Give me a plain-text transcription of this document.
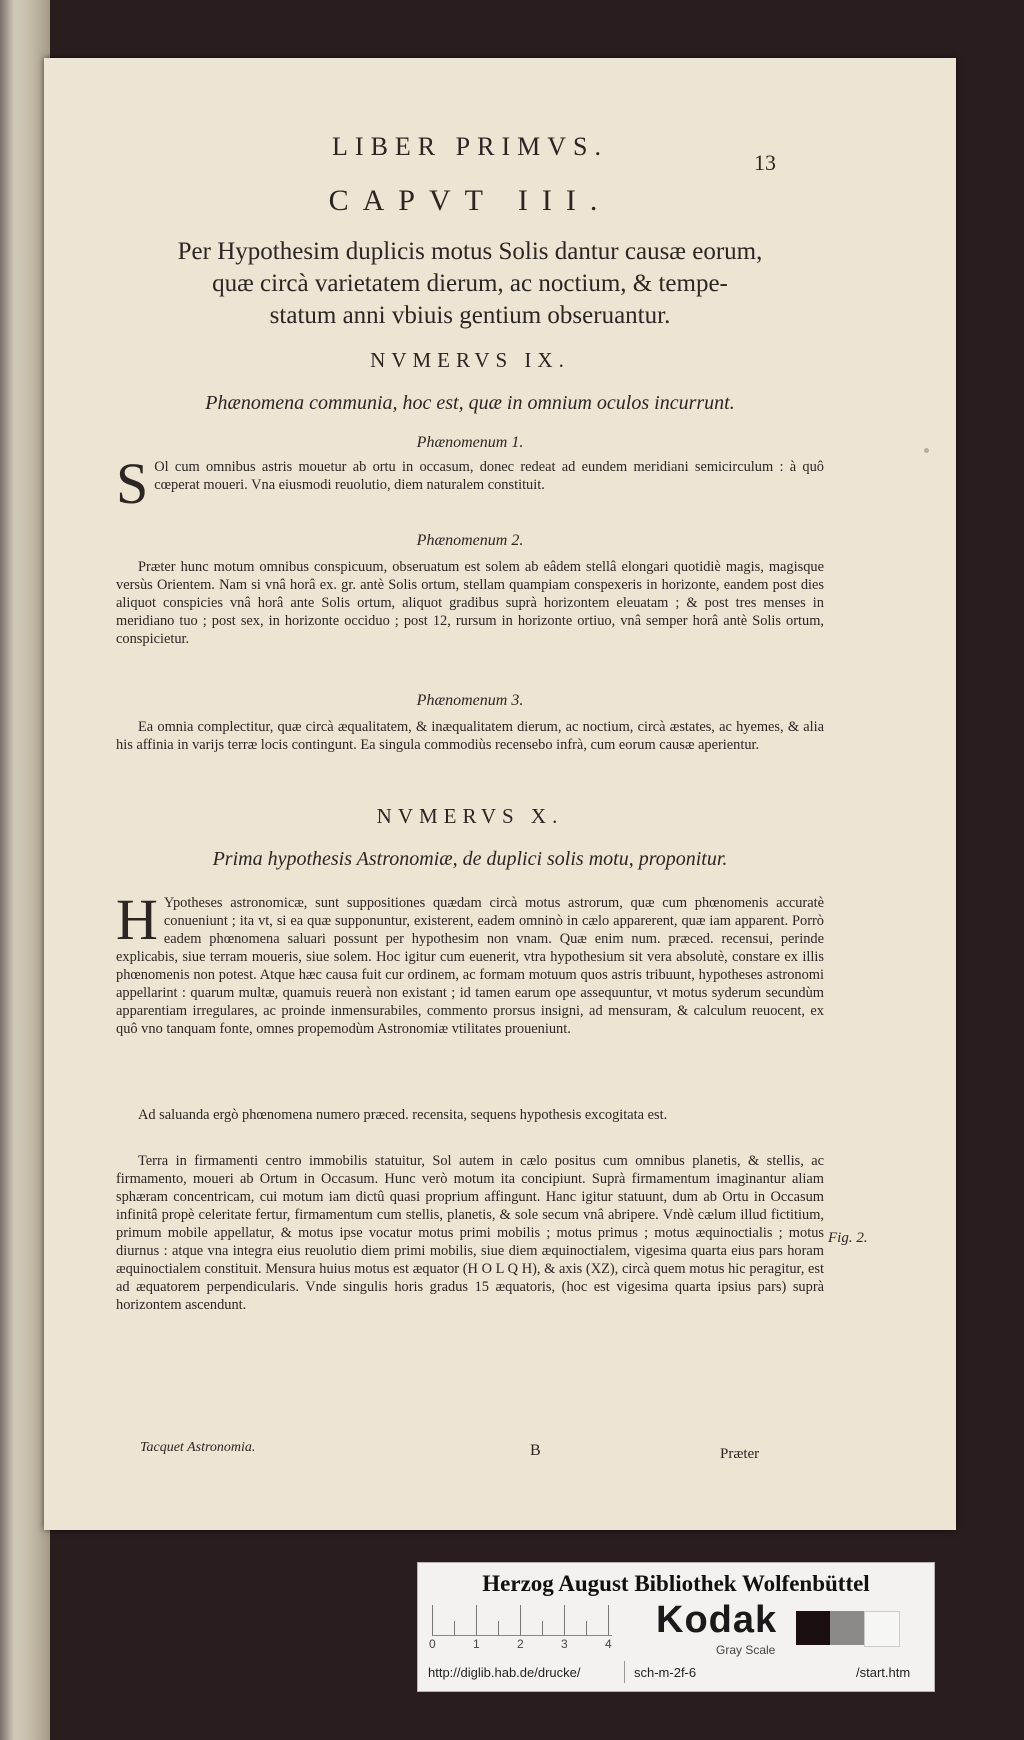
LIBER PRIMVS.
13
CAPVT III.
Per Hypothesim duplicis motus Solis dantur causæ eorum,
quæ circà varietatem dierum, ac noctium, & tempe-
statum anni vbiuis gentium obseruantur.
NVMERVS IX.
Phænomena communia, hoc est, quæ in omnium oculos incurrunt.
Phænomenum 1.
S Ol cum omnibus astris mouetur ab ortu in occasum, donec redeat ad eundem meridiani semicirculum : à quô cœperat moueri. Vna eiusmodi reuolutio, diem naturalem constituit.
Phænomenum 2.
Præter hunc motum omnibus conspicuum, obseruatum est solem ab eâdem stellâ elongari quotidiè magis, magisque versùs Orientem. Nam si vnâ horâ ex. gr. antè Solis ortum, stellam quampiam conspexeris in horizonte, eandem post dies aliquot conspicies vnâ horâ ante Solis ortum, aliquot gradibus suprà horizontem eleuatam ; & post tres menses in meridiano tuo ; post sex, in horizonte occiduo ; post 12, rursum in horizonte ortiuo, vnâ semper horâ antè Solis ortum, conspicietur.
Phænomenum 3.
Ea omnia complectitur, quæ circà æqualitatem, & inæqualitatem dierum, ac noctium, circà æstates, ac hyemes, & alia his affinia in varijs terræ locis contingunt. Ea singula commodiùs recensebo infrà, cum eorum causæ aperientur.
NVMERVS X.
Prima hypothesis Astronomiæ, de duplici solis motu, proponitur.
H Ypotheses astronomicæ, sunt suppositiones quædam circà motus astrorum, quæ cum phœnomenis accuratè conueniunt ; ita vt, si ea quæ supponuntur, existerent, eadem omninò in cælo apparerent, quæ iam apparent. Porrò eadem phœnomena saluari possunt per hypothesim non vnam. Quæ enim num. præced. recensui, perinde explicabis, siue terram moueris, siue solem. Hoc igitur cum euenerit, vtra hypothesium sit vera absolutè, constare ex illis phœnomenis non potest. Atque hæc causa fuit cur ordinem, ac formam motuum quos astris tribuunt, hypotheses astronomi appellarint : quarum multæ, quamuis reuerà non existant ; id tamen earum ope assequuntur, vt motus syderum secundùm apparentiam irregulares, ac proinde inmensurabiles, commento prorsus insigni, ad mensuram, & calculum reuocent, ex quô vno tanquam fonte, omnes propemodùm Astronomiæ vtilitates proueniunt.
Ad saluanda ergò phœnomena numero præced. recensita, sequens hypothesis excogitata est.
Terra in firmamenti centro immobilis statuitur, Sol autem in cælo positus cum omnibus planetis, & stellis, ac firmamento, moueri ab Ortum in Occasum. Hunc verò motum ita concipiunt. Suprà firmamentum imaginantur aliam sphæram concentricam, cui motum iam dictû quasi proprium affingunt. Hanc igitur statuunt, dum ab Ortu in Occasum infinitâ propè celeritate fertur, firmamentum cum stellis, planetis, & sole secum vnâ abripere. Vndè cælum illud fictitium, primum mobile appellatur, & motus ipse vocatur motus primi mobilis ; motus primus ; motus æquinoctialis ; motus diurnus : atque vna integra eius reuolutio diem primi mobilis, siue diem æquinoctialem, vigesima quarta eius pars horam æquinoctialem constituit. Mensura huius motus est æquator (H O L Q H), & axis (XZ), circà quem motus hic peragitur, est ad æquatorem perpendicularis. Vnde singulis horis gradus 15 æquatoris, (hoc est vigesima quarta ipsius pars) suprà horizontem ascendunt.
Fig. 2.
Tacquet Astronomia.	B	Præter
Herzog August Bibliothek Wolfenbüttel
0	1	2	3	4
Kodak
Gray Scale
http://diglib.hab.de/drucke/	sch-m-2f-6	/start.htm
